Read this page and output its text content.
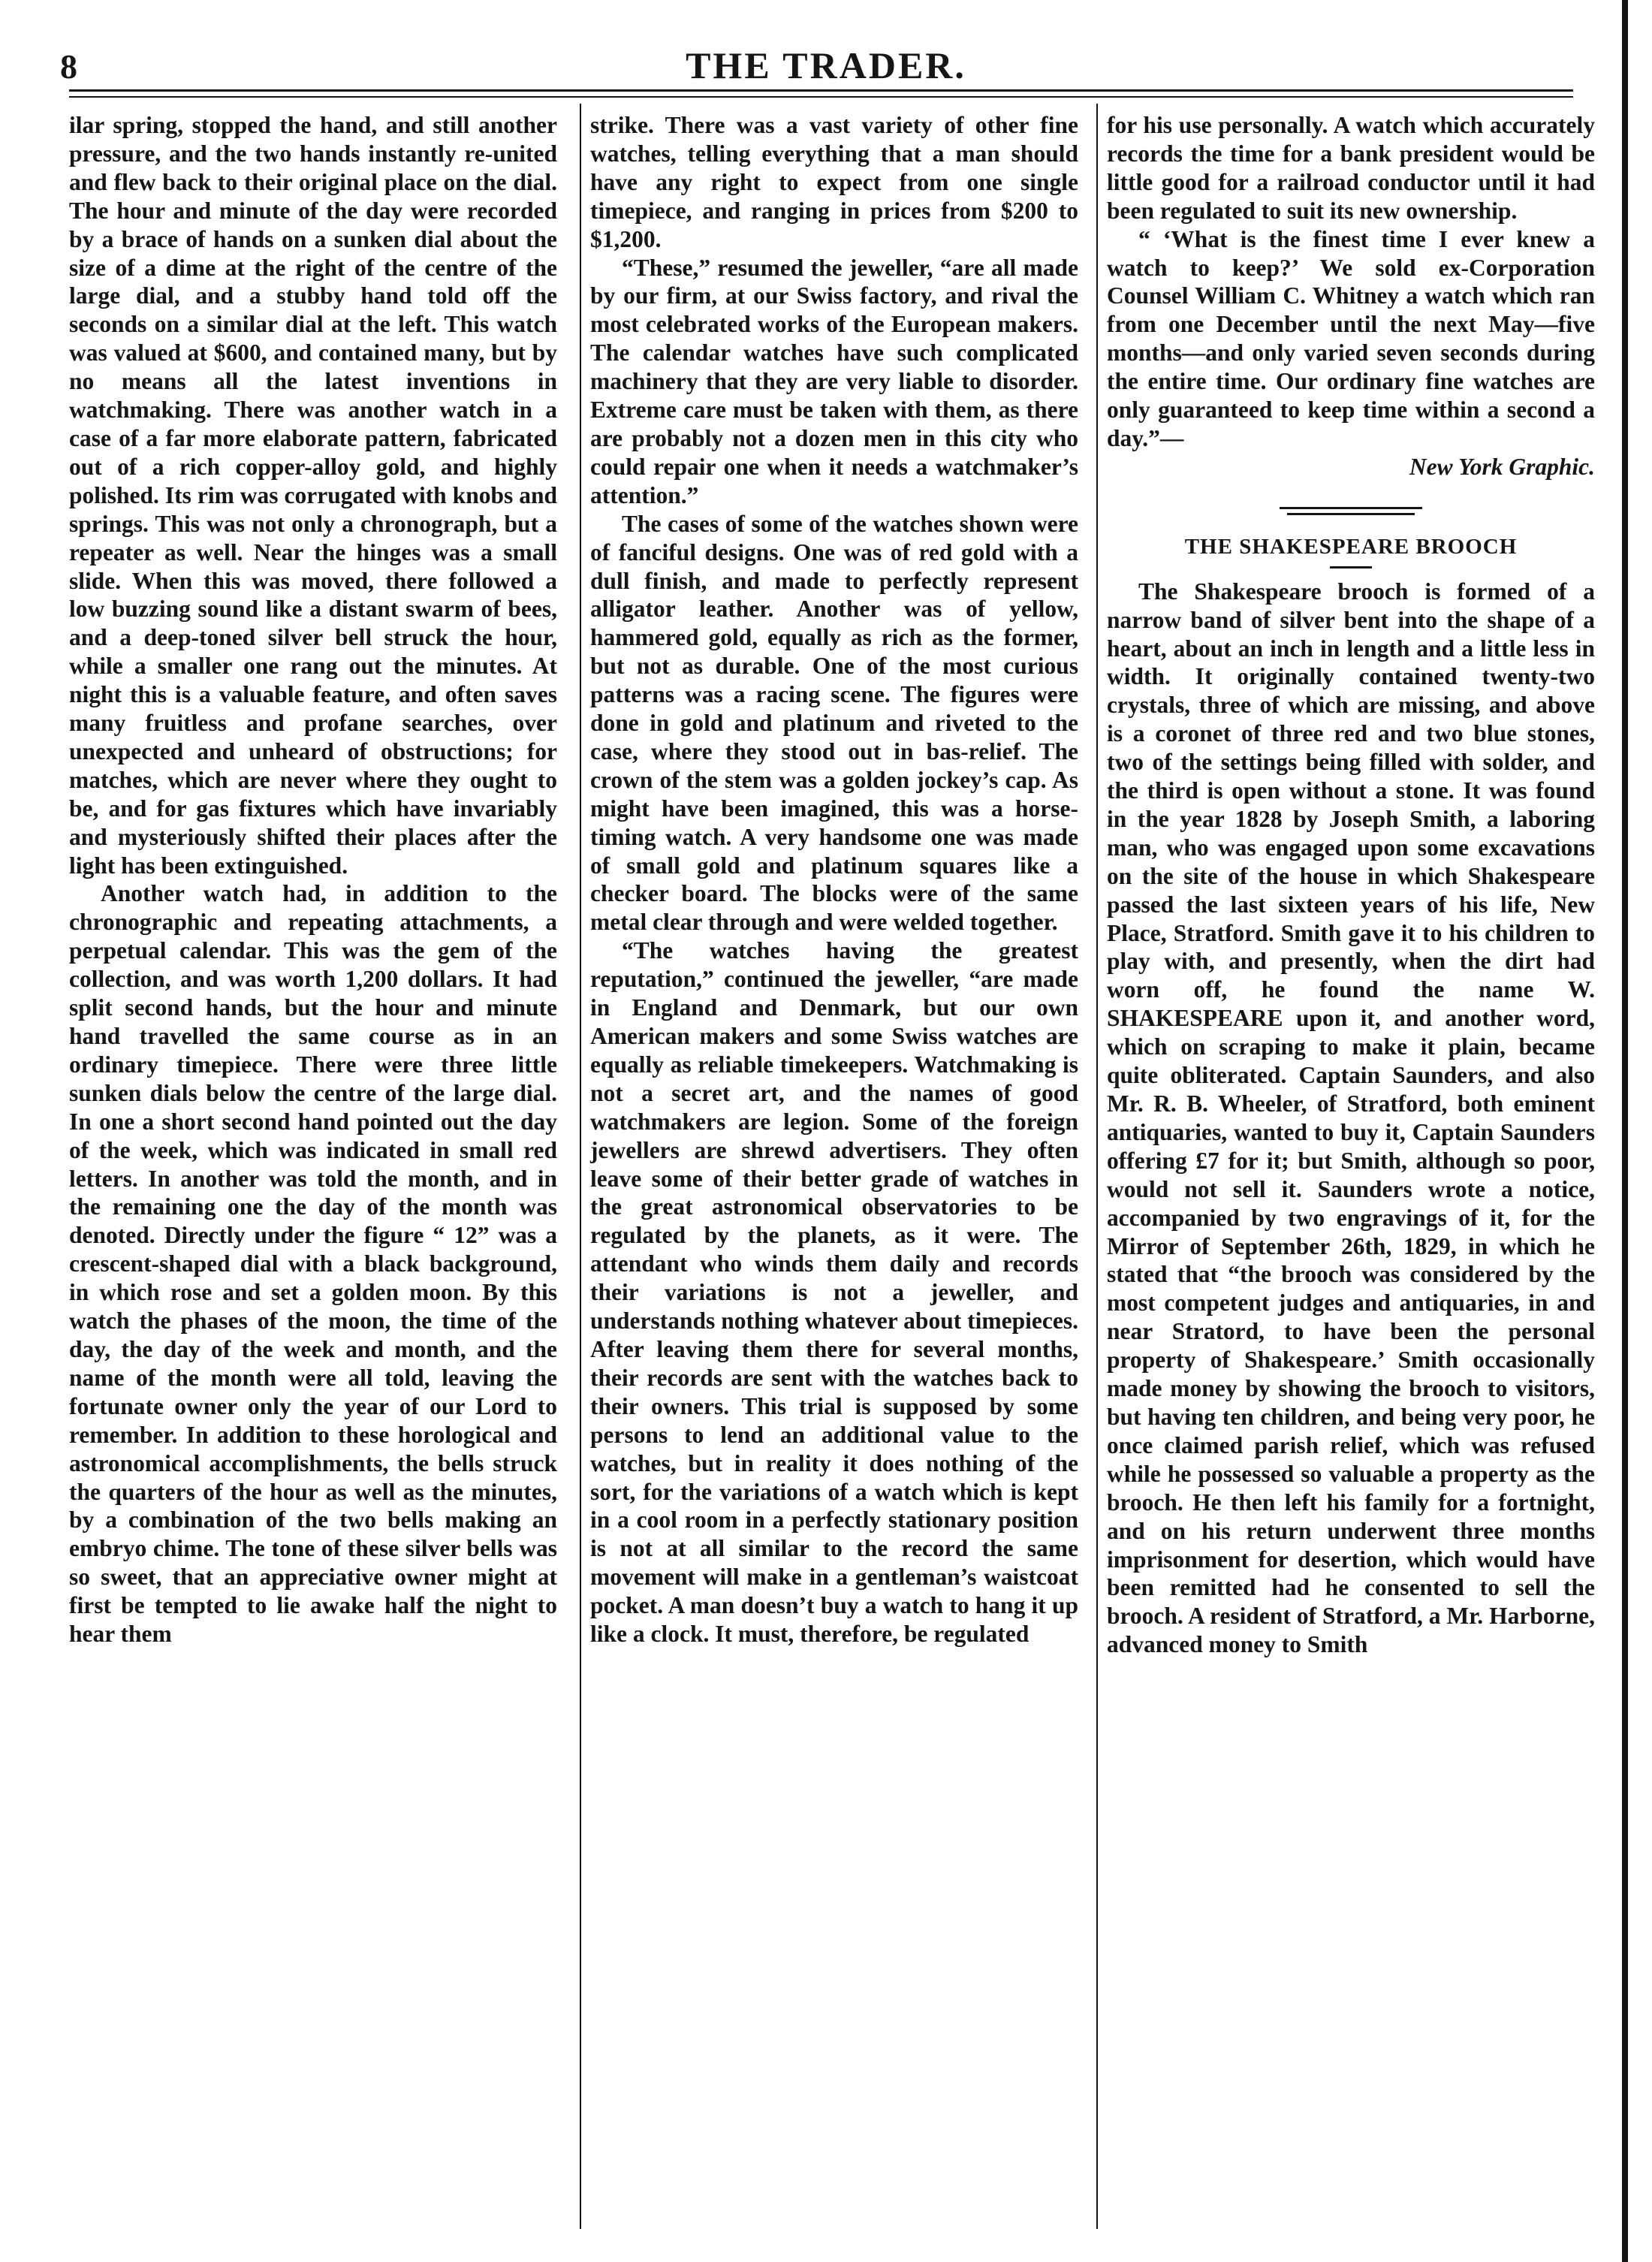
8	THE TRADER.

ilar spring, stopped the hand, and still another pressure, and the two hands instantly re-united and flew back to their original place on the dial. The hour and minute of the day were recorded by a brace of hands on a sunken dial about the size of a dime at the right of the centre of the large dial, and a stubby hand told off the seconds on a similar dial at the left. This watch was valued at $600, and contained many, but by no means all the latest inventions in watchmaking. There was another watch in a case of a far more elaborate pattern, fabricated out of a rich copper-alloy gold, and highly polished. Its rim was corrugated with knobs and springs. This was not only a chronograph, but a repeater as well. Near the hinges was a small slide. When this was moved, there followed a low buzzing sound like a distant swarm of bees, and a deep-toned silver bell struck the hour, while a smaller one rang out the minutes. At night this is a valuable feature, and often saves many fruitless and profane searches, over unexpected and unheard of obstructions; for matches, which are never where they ought to be, and for gas fixtures which have invariably and mysteriously shifted their places after the light has been extinguished.

Another watch had, in addition to the chronographic and repeating attachments, a perpetual calendar. This was the gem of the collection, and was worth 1,200 dollars. It had split second hands, but the hour and minute hand travelled the same course as in an ordinary timepiece. There were three little sunken dials below the centre of the large dial. In one a short second hand pointed out the day of the week, which was indicated in small red letters. In another was told the month, and in the remaining one the day of the month was denoted. Directly under the figure “ 12” was a crescent-shaped dial with a black background, in which rose and set a golden moon. By this watch the phases of the moon, the time of the day, the day of the week and month, and the name of the month were all told, leaving the fortunate owner only the year of our Lord to remember. In addition to these horological and astronomical accomplishments, the bells struck the quarters of the hour as well as the minutes, by a combination of the two bells making an embryo chime. The tone of these silver bells was so sweet, that an appreciative owner might at first be tempted to lie awake half the night to hear them

strike. There was a vast variety of other fine watches, telling everything that a man should have any right to expect from one single timepiece, and ranging in prices from $200 to $1,200.

“These,” resumed the jeweller, “are all made by our firm, at our Swiss factory, and rival the most celebrated works of the European makers. The calendar watches have such complicated machinery that they are very liable to disorder. Extreme care must be taken with them, as there are probably not a dozen men in this city who could repair one when it needs a watchmaker’s attention.”

The cases of some of the watches shown were of fanciful designs. One was of red gold with a dull finish, and made to perfectly represent alligator leather. Another was of yellow, hammered gold, equally as rich as the former, but not as durable. One of the most curious patterns was a racing scene. The figures were done in gold and platinum and riveted to the case, where they stood out in bas-relief. The crown of the stem was a golden jockey’s cap. As might have been imagined, this was a horse-timing watch. A very handsome one was made of small gold and platinum squares like a checker board. The blocks were of the same metal clear through and were welded together.

“The watches having the greatest reputation,” continued the jeweller, “are made in England and Denmark, but our own American makers and some Swiss watches are equally as reliable timekeepers. Watchmaking is not a secret art, and the names of good watchmakers are legion. Some of the foreign jewellers are shrewd advertisers. They often leave some of their better grade of watches in the great astronomical observatories to be regulated by the planets, as it were. The attendant who winds them daily and records their variations is not a jeweller, and understands nothing whatever about timepieces. After leaving them there for several months, their records are sent with the watches back to their owners. This trial is supposed by some persons to lend an additional value to the watches, but in reality it does nothing of the sort, for the variations of a watch which is kept in a cool room in a perfectly stationary position is not at all similar to the record the same movement will make in a gentleman’s waistcoat pocket. A man doesn’t buy a watch to hang it up like a clock. It must, therefore, be regulated

for his use personally. A watch which accurately records the time for a bank president would be little good for a railroad conductor until it had been regulated to suit its new ownership.

“ ‘What is the finest time I ever knew a watch to keep?’ We sold ex-Corporation Counsel William C. Whitney a watch which ran from one December until the next May—five months—and only varied seven seconds during the entire time. Our ordinary fine watches are only guaranteed to keep time within a second a day.”—

New York Graphic.

THE SHAKESPEARE BROOCH

The Shakespeare brooch is formed of a narrow band of silver bent into the shape of a heart, about an inch in length and a little less in width. It originally contained twenty-two crystals, three of which are missing, and above is a coronet of three red and two blue stones, two of the settings being filled with solder, and the third is open without a stone. It was found in the year 1828 by Joseph Smith, a laboring man, who was engaged upon some excavations on the site of the house in which Shakespeare passed the last sixteen years of his life, New Place, Stratford. Smith gave it to his children to play with, and presently, when the dirt had worn off, he found the name W. SHAKESPEARE upon it, and another word, which on scraping to make it plain, became quite obliterated. Captain Saunders, and also Mr. R. B. Wheeler, of Stratford, both eminent antiquaries, wanted to buy it, Captain Saunders offering £7 for it; but Smith, although so poor, would not sell it. Saunders wrote a notice, accompanied by two engravings of it, for the Mirror of September 26th, 1829, in which he stated that “the brooch was considered by the most competent judges and antiquaries, in and near Stratord, to have been the personal property of Shakespeare.’ Smith occasionally made money by showing the brooch to visitors, but having ten children, and being very poor, he once claimed parish relief, which was refused while he possessed so valuable a property as the brooch. He then left his family for a fortnight, and on his return underwent three months imprisonment for desertion, which would have been remitted had he consented to sell the brooch. A resident of Stratford, a Mr. Harborne, advanced money to Smith
